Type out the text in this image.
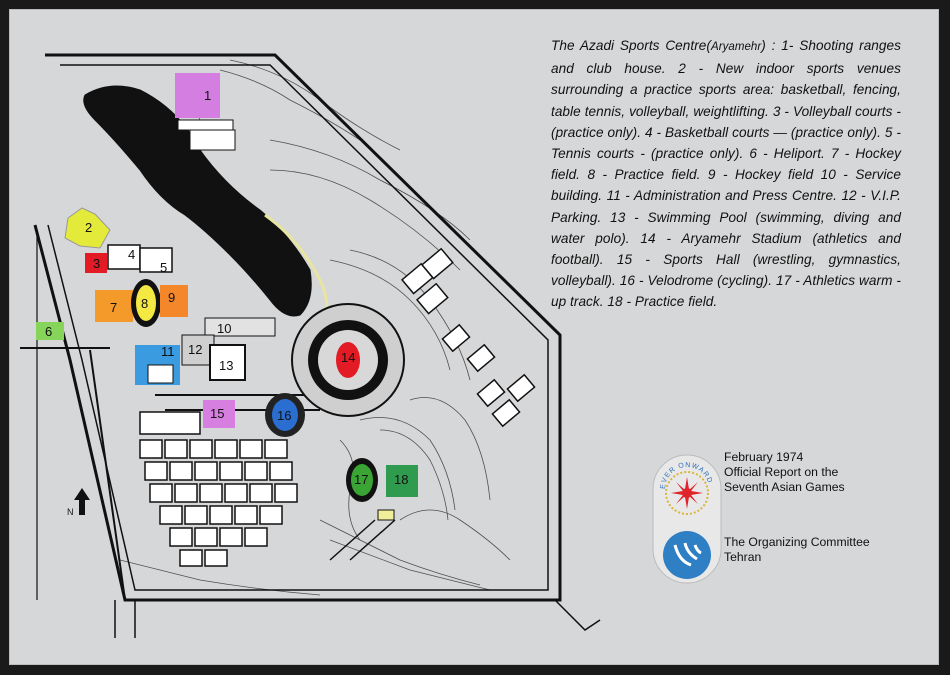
1
2
3
4
5
6
7 8 9
10
11 12
13
14
15	16
17 18
N
The Azadi Sports Centre(Aryamehr) : 1- Shooting ranges and club house. 2 - New indoor sports venues surrounding a practice sports area: basketball, fencing, table tennis, volleyball, weightlifting. 3 - Volleyball courts - (practice only). 4 - Basketball courts — (practice only). 5 - Tennis courts - (practice only). 6 - Heliport. 7 - Hockey field. 8 - Practice field. 9 - Hockey field 10 - Service building. 11 - Administration and Press Centre. 12 - V.I.P. Parking. 13 - Swimming Pool (swimming, diving and water polo). 14 - Aryamehr Stadium (athletics and football). 15 - Sports Hall (wrestling, gymnastics, volleyball). 16 - Velodrome (cycling). 17 - Athletics warm - up track. 18 - Practice field.
EVER ONWARD
February 1974
Official Report on the
Seventh Asian Games
The Organizing Committee
Tehran
